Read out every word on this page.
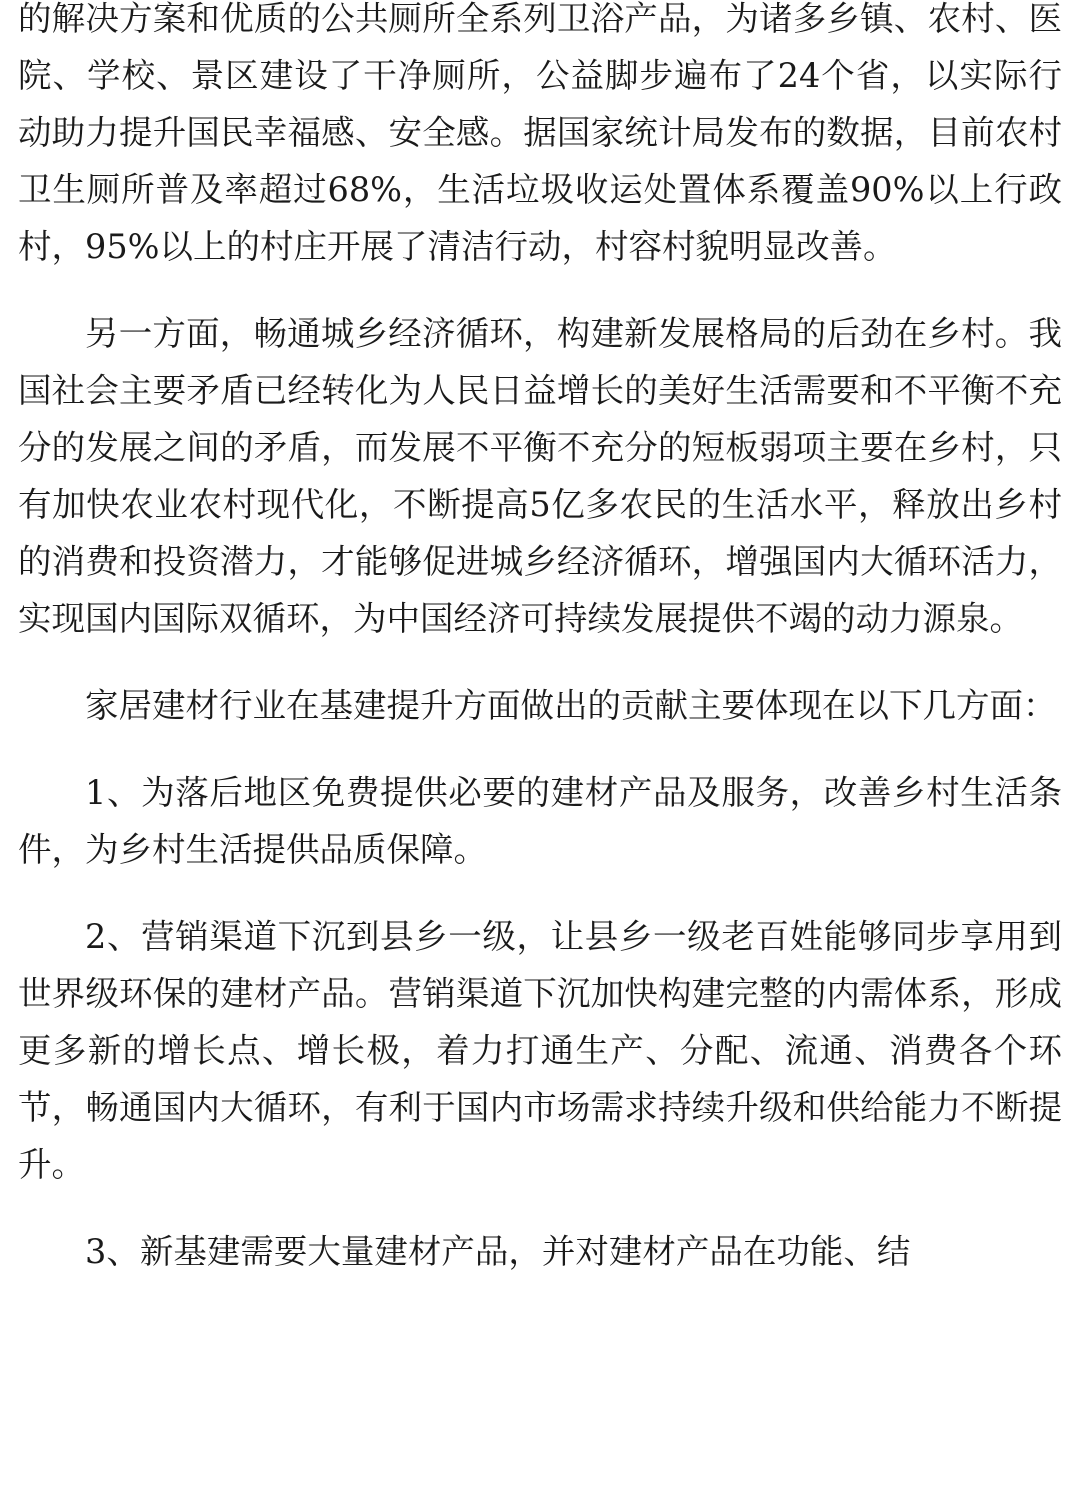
的解决方案和优质的公共厕所全系列卫浴产品，为诸多乡镇、农村、医院、学校、景区建设了干净厕所，公益脚步遍布了24个省，以实际行动助力提升国民幸福感、安全感。据国家统计局发布的数据，目前农村卫生厕所普及率超过68%，生活垃圾收运处置体系覆盖90%以上行政村，95%以上的村庄开展了清洁行动，村容村貌明显改善。

另一方面，畅通城乡经济循环，构建新发展格局的后劲在乡村。我国社会主要矛盾已经转化为人民日益增长的美好生活需要和不平衡不充分的发展之间的矛盾，而发展不平衡不充分的短板弱项主要在乡村，只有加快农业农村现代化，不断提高5亿多农民的生活水平，释放出乡村的消费和投资潜力，才能够促进城乡经济循环，增强国内大循环活力，实现国内国际双循环，为中国经济可持续发展提供不竭的动力源泉。

家居建材行业在基建提升方面做出的贡献主要体现在以下几方面：

1、为落后地区免费提供必要的建材产品及服务，改善乡村生活条件，为乡村生活提供品质保障。

2、营销渠道下沉到县乡一级，让县乡一级老百姓能够同步享用到世界级环保的建材产品。营销渠道下沉加快构建完整的内需体系，形成更多新的增长点、增长极，着力打通生产、分配、流通、消费各个环节，畅通国内大循环，有利于国内市场需求持续升级和供给能力不断提升。

3、新基建需要大量建材产品，并对建材产品在功能、结
